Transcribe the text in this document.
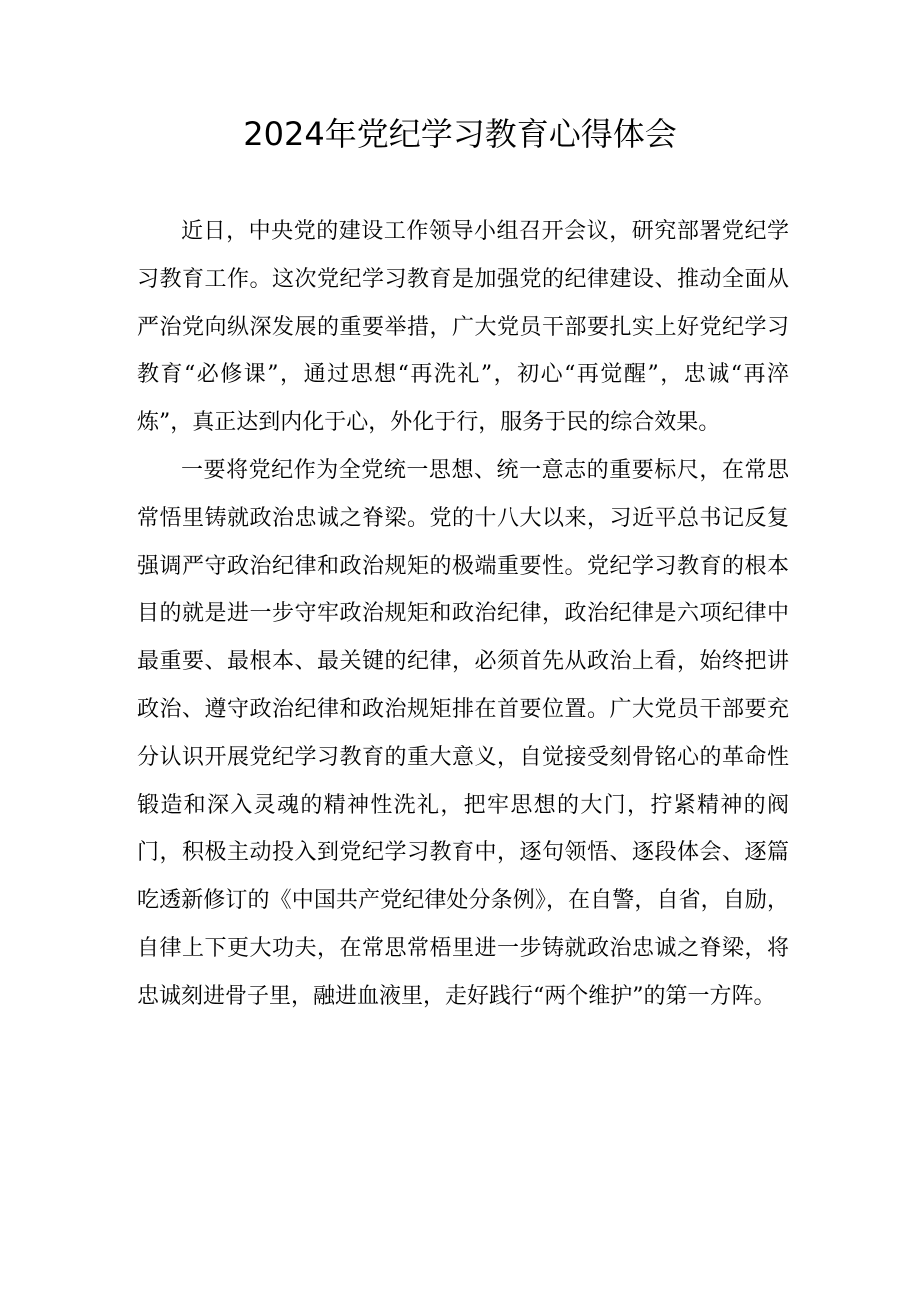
2024年党纪学习教育心得体会

近日，中央党的建设工作领导小组召开会议，研究部署党纪学习教育工作。这次党纪学习教育是加强党的纪律建设、推动全面从严治党向纵深发展的重要举措，广大党员干部要扎实上好党纪学习教育“必修课”，通过思想“再洗礼”，初心“再觉醒”，忠诚“再淬炼”，真正达到内化于心，外化于行，服务于民的综合效果。

一要将党纪作为全党统一思想、统一意志的重要标尺，在常思常悟里铸就政治忠诚之脊梁。党的十八大以来，习近平总书记反复强调严守政治纪律和政治规矩的极端重要性。党纪学习教育的根本目的就是进一步守牢政治规矩和政治纪律，政治纪律是六项纪律中最重要、最根本、最关键的纪律，必须首先从政治上看，始终把讲政治、遵守政治纪律和政治规矩排在首要位置。广大党员干部要充分认识开展党纪学习教育的重大意义，自觉接受刻骨铭心的革命性锻造和深入灵魂的精神性洗礼，把牢思想的大门，拧紧精神的阀门，积极主动投入到党纪学习教育中，逐句领悟、逐段体会、逐篇吃透新修订的《中国共产党纪律处分条例》，在自警，自省，自励，自律上下更大功夫，在常思常梧里进一步铸就政治忠诚之脊梁，将忠诚刻进骨子里，融进血液里，走好践行“两个维护”的第一方阵。
